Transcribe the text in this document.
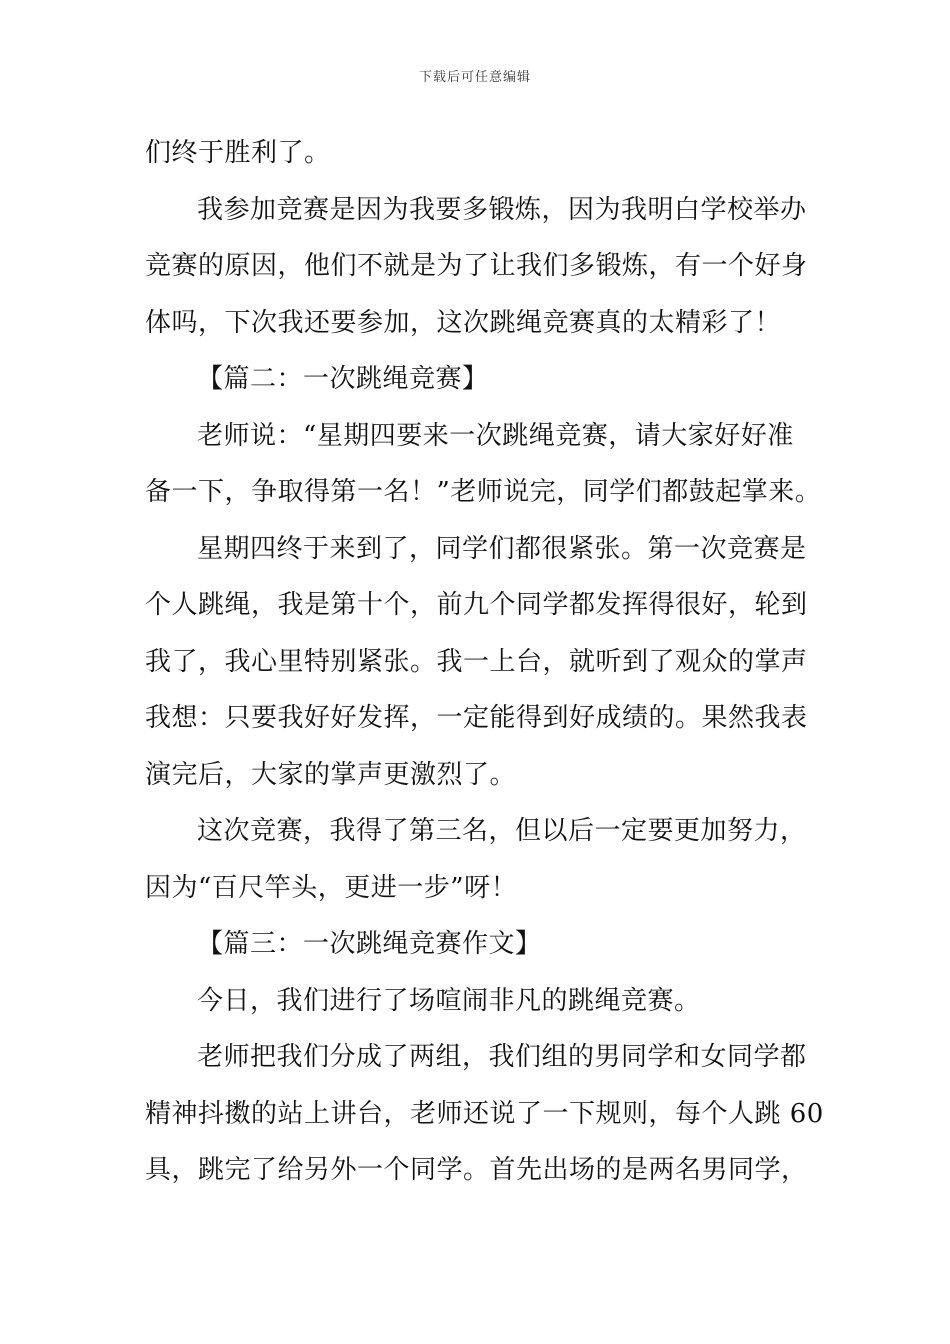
下载后可任意编辑
们终于胜利了。
我参加竞赛是因为我要多锻炼，因为我明白学校举办
竞赛的原因，他们不就是为了让我们多锻炼，有一个好身
体吗，下次我还要参加，这次跳绳竞赛真的太精彩了！
【篇二：一次跳绳竞赛】
老师说：“星期四要来一次跳绳竞赛，请大家好好准
备一下，争取得第一名！”老师说完，同学们都鼓起掌来。
星期四终于来到了，同学们都很紧张。第一次竞赛是
个人跳绳，我是第十个，前九个同学都发挥得很好，轮到
我了，我心里特别紧张。我一上台，就听到了观众的掌声
我想：只要我好好发挥，一定能得到好成绩的。果然我表
演完后，大家的掌声更激烈了。
这次竞赛，我得了第三名，但以后一定要更加努力，
因为“百尺竿头，更进一步”呀！
【篇三：一次跳绳竞赛作文】
今日，我们进行了场喧闹非凡的跳绳竞赛。
老师把我们分成了两组，我们组的男同学和女同学都
精神抖擞的站上讲台，老师还说了一下规则，每个人跳 60
具，跳完了给另外一个同学。首先出场的是两名男同学，
